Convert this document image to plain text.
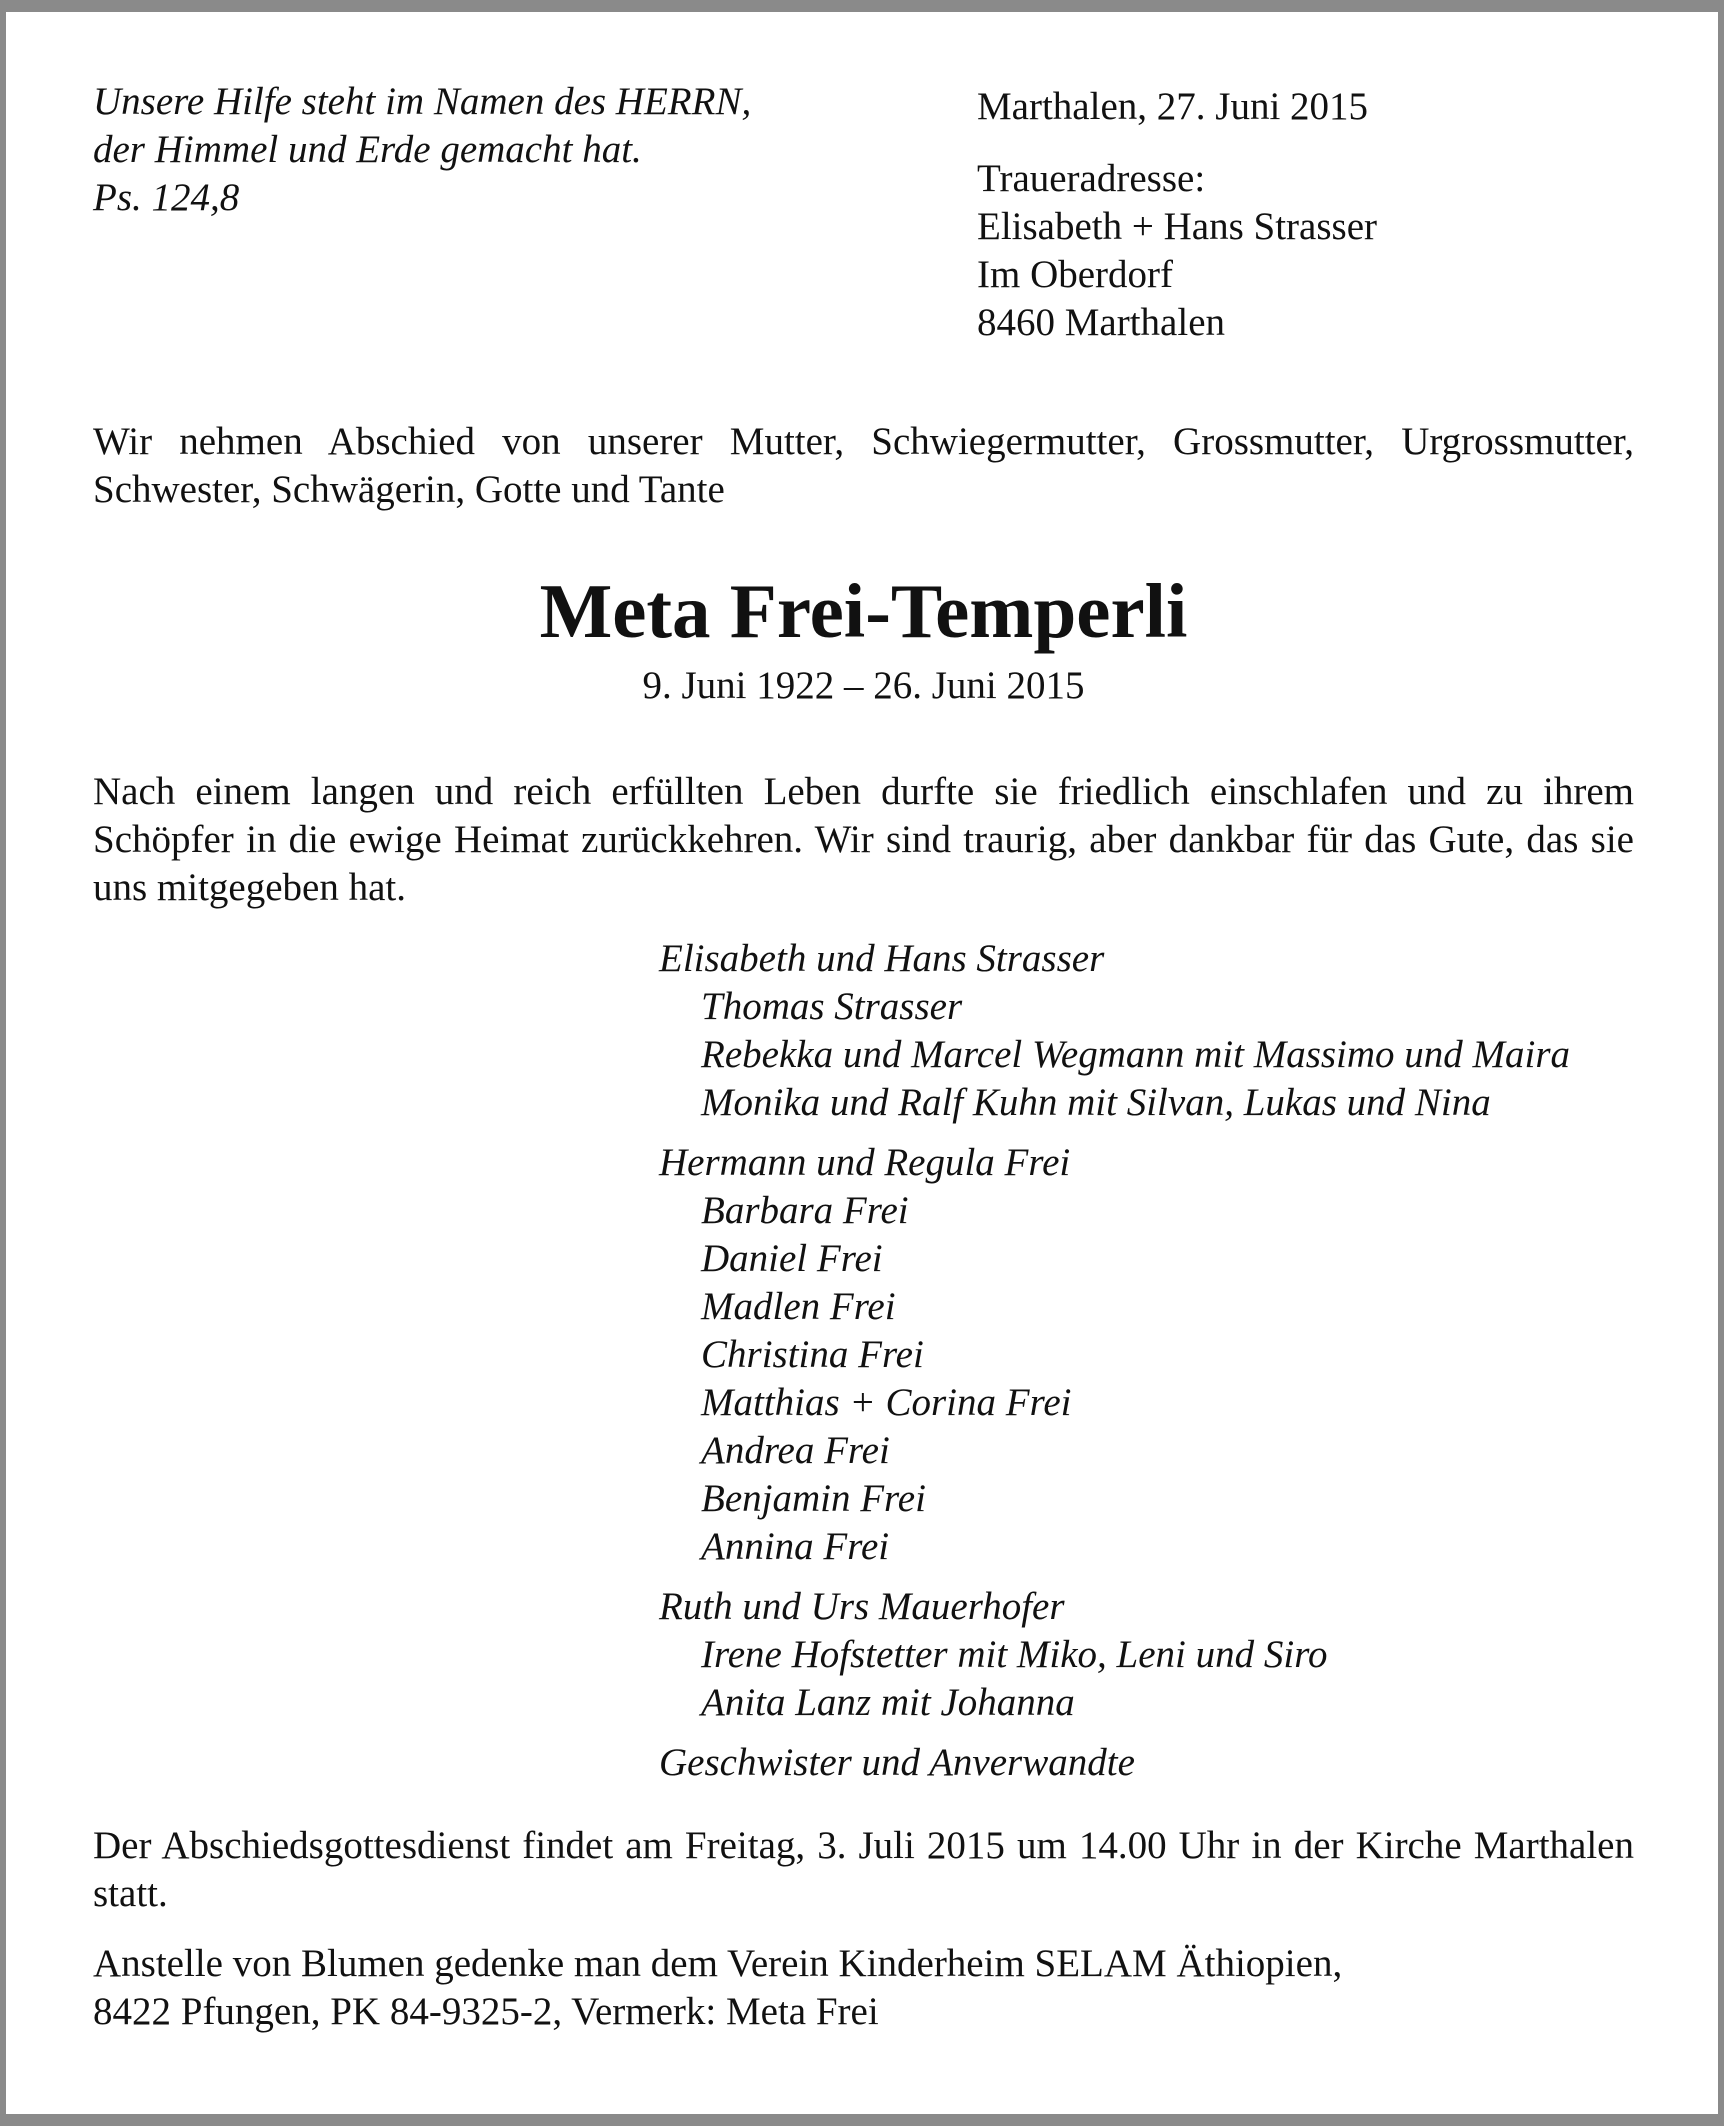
Unsere Hilfe steht im Namen des HERRN,
der Himmel und Erde gemacht hat.
Ps. 124,8
Marthalen, 27. Juni 2015
Traueradresse:
Elisabeth + Hans Strasser
Im Oberdorf
8460 Marthalen
Wir nehmen Abschied von unserer Mutter, Schwiegermutter, Grossmutter, Urgrossmutter, Schwester, Schwägerin, Gotte und Tante
Meta Frei-Temperli
9. Juni 1922 – 26. Juni 2015
Nach einem langen und reich erfüllten Leben durfte sie friedlich einschlafen und zu ihrem Schöpfer in die ewige Heimat zurückkehren. Wir sind traurig, aber dankbar für das Gute, das sie uns mitgegeben hat.
Elisabeth und Hans Strasser
Thomas Strasser
Rebekka und Marcel Wegmann mit Massimo und Maira
Monika und Ralf Kuhn mit Silvan, Lukas und Nina
Hermann und Regula Frei
Barbara Frei
Daniel Frei
Madlen Frei
Christina Frei
Matthias + Corina Frei
Andrea Frei
Benjamin Frei
Annina Frei
Ruth und Urs Mauerhofer
Irene Hofstetter mit Miko, Leni und Siro
Anita Lanz mit Johanna
Geschwister und Anverwandte
Der Abschiedsgottesdienst findet am Freitag, 3. Juli 2015 um 14.00 Uhr in der Kirche Marthalen statt.
Anstelle von Blumen gedenke man dem Verein Kinderheim SELAM Äthiopien,
8422 Pfungen, PK 84-9325-2, Vermerk: Meta Frei
